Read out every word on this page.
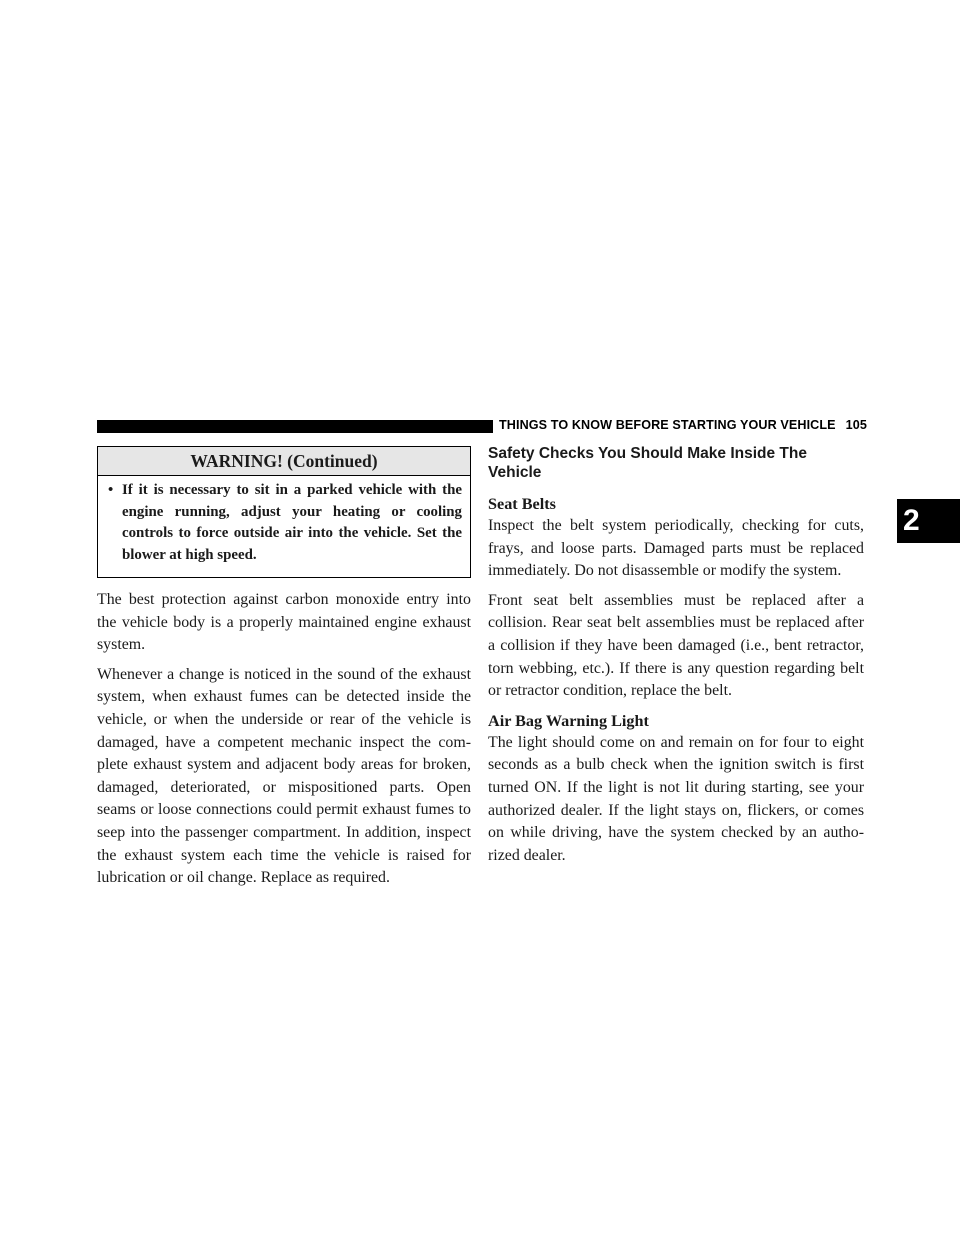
THINGS TO KNOW BEFORE STARTING YOUR VEHICLE 105
2
WARNING! (Continued)
• If it is necessary to sit in a parked vehicle with the engine running, adjust your heating or cooling controls to force outside air into the vehicle. Set the blower at high speed.

The best protection against carbon monoxide entry into the vehicle body is a properly maintained engine exhaust system.

Whenever a change is noticed in the sound of the exhaust system, when exhaust fumes can be detected inside the vehicle, or when the underside or rear of the vehicle is damaged, have a competent mechanic inspect the com-plete exhaust system and adjacent body areas for broken, damaged, deteriorated, or mispositioned parts. Open seams or loose connections could permit exhaust fumes to seep into the passenger compartment. In addition, inspect the exhaust system each time the vehicle is raised for lubrication or oil change. Replace as required.

Safety Checks You Should Make Inside The Vehicle
Seat Belts

Inspect the belt system periodically, checking for cuts, frays, and loose parts. Damaged parts must be replaced immediately. Do not disassemble or modify the system.

Front seat belt assemblies must be replaced after a collision. Rear seat belt assemblies must be replaced after a collision if they have been damaged (i.e., bent retractor, torn webbing, etc.). If there is any question regarding belt or retractor condition, replace the belt.

Air Bag Warning Light

The light should come on and remain on for four to eight seconds as a bulb check when the ignition switch is first turned ON. If the light is not lit during starting, see your authorized dealer. If the light stays on, flickers, or comes on while driving, have the system checked by an autho-rized dealer.
